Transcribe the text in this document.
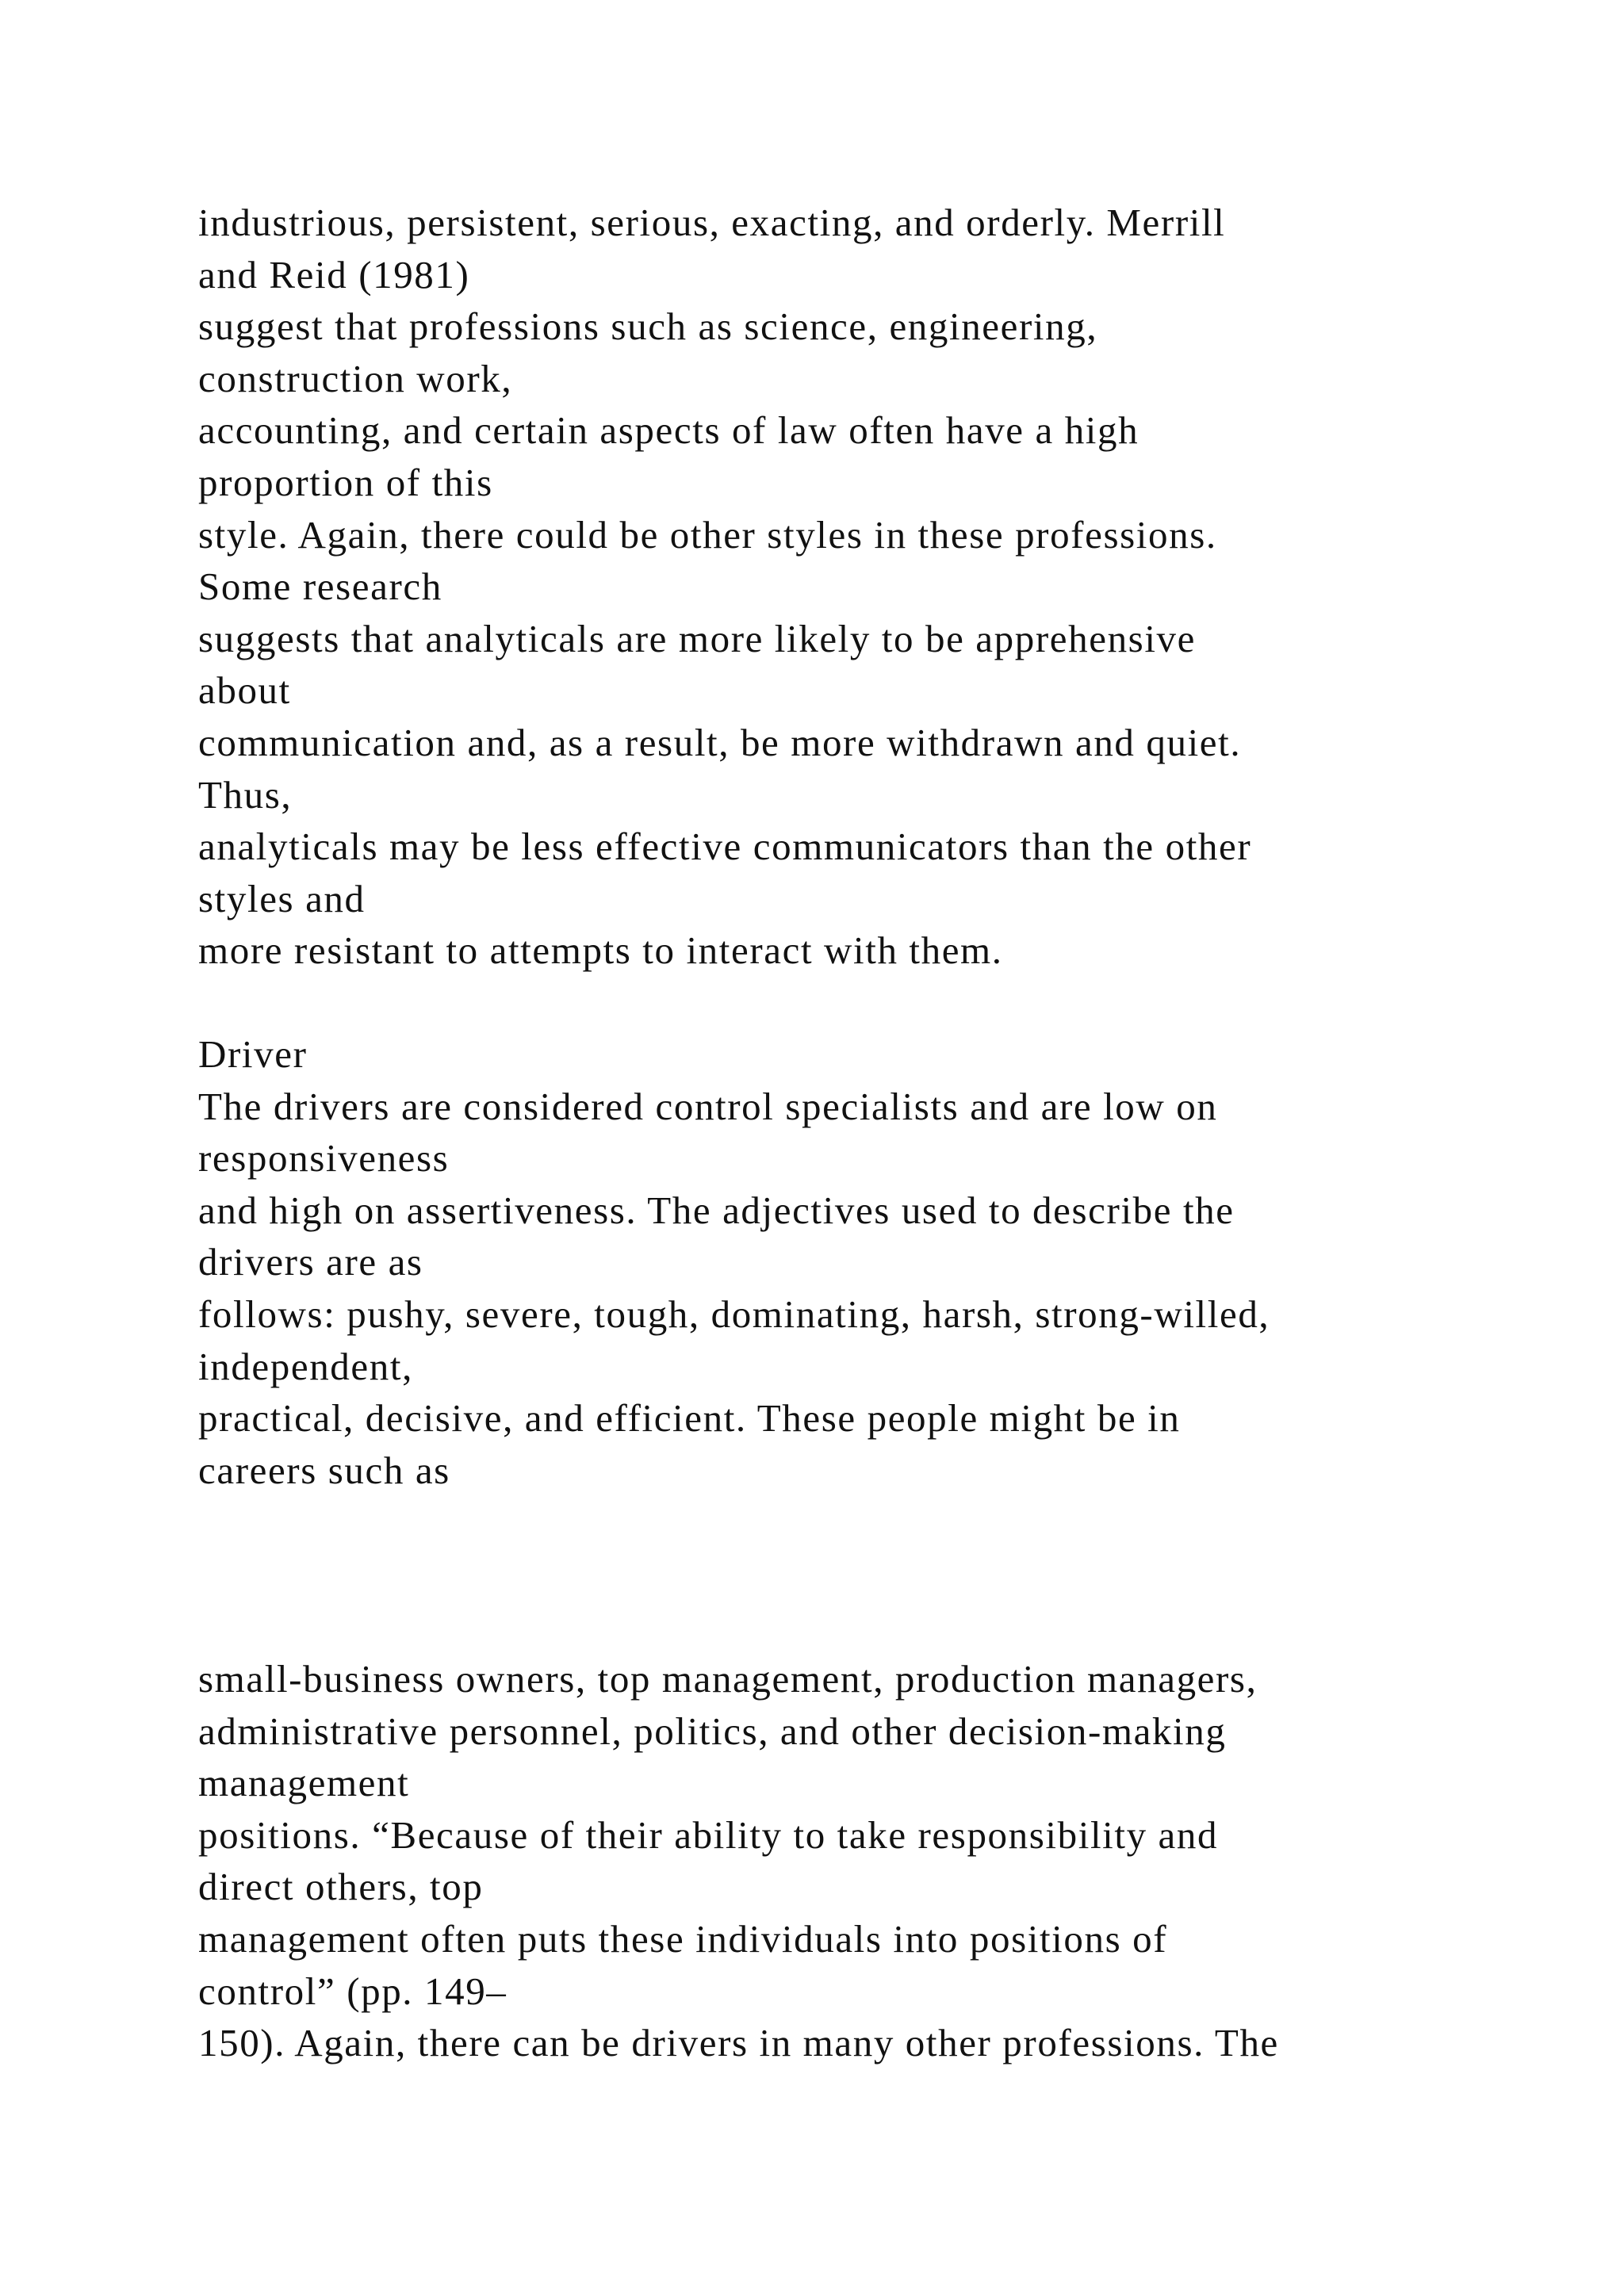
industrious, persistent, serious, exacting, and orderly. Merrill
and Reid (1981)
suggest that professions such as science, engineering,
construction work,
accounting, and certain aspects of law often have a high
proportion of this
style. Again, there could be other styles in these professions.
Some research
suggests that analyticals are more likely to be apprehensive
about
communication and, as a result, be more withdrawn and quiet.
Thus,
analyticals may be less effective communicators than the other
styles and
more resistant to attempts to interact with them.
Driver
The drivers are considered control specialists and are low on
responsiveness
and high on assertiveness. The adjectives used to describe the
drivers are as
follows: pushy, severe, tough, dominating, harsh, strong-willed,
independent,
practical, decisive, and efficient. These people might be in
careers such as
small-business owners, top management, production managers,
administrative personnel, politics, and other decision-making
management
positions. “Because of their ability to take responsibility and
direct others, top
management often puts these individuals into positions of
control” (pp. 149–
150). Again, there can be drivers in many other professions. The
